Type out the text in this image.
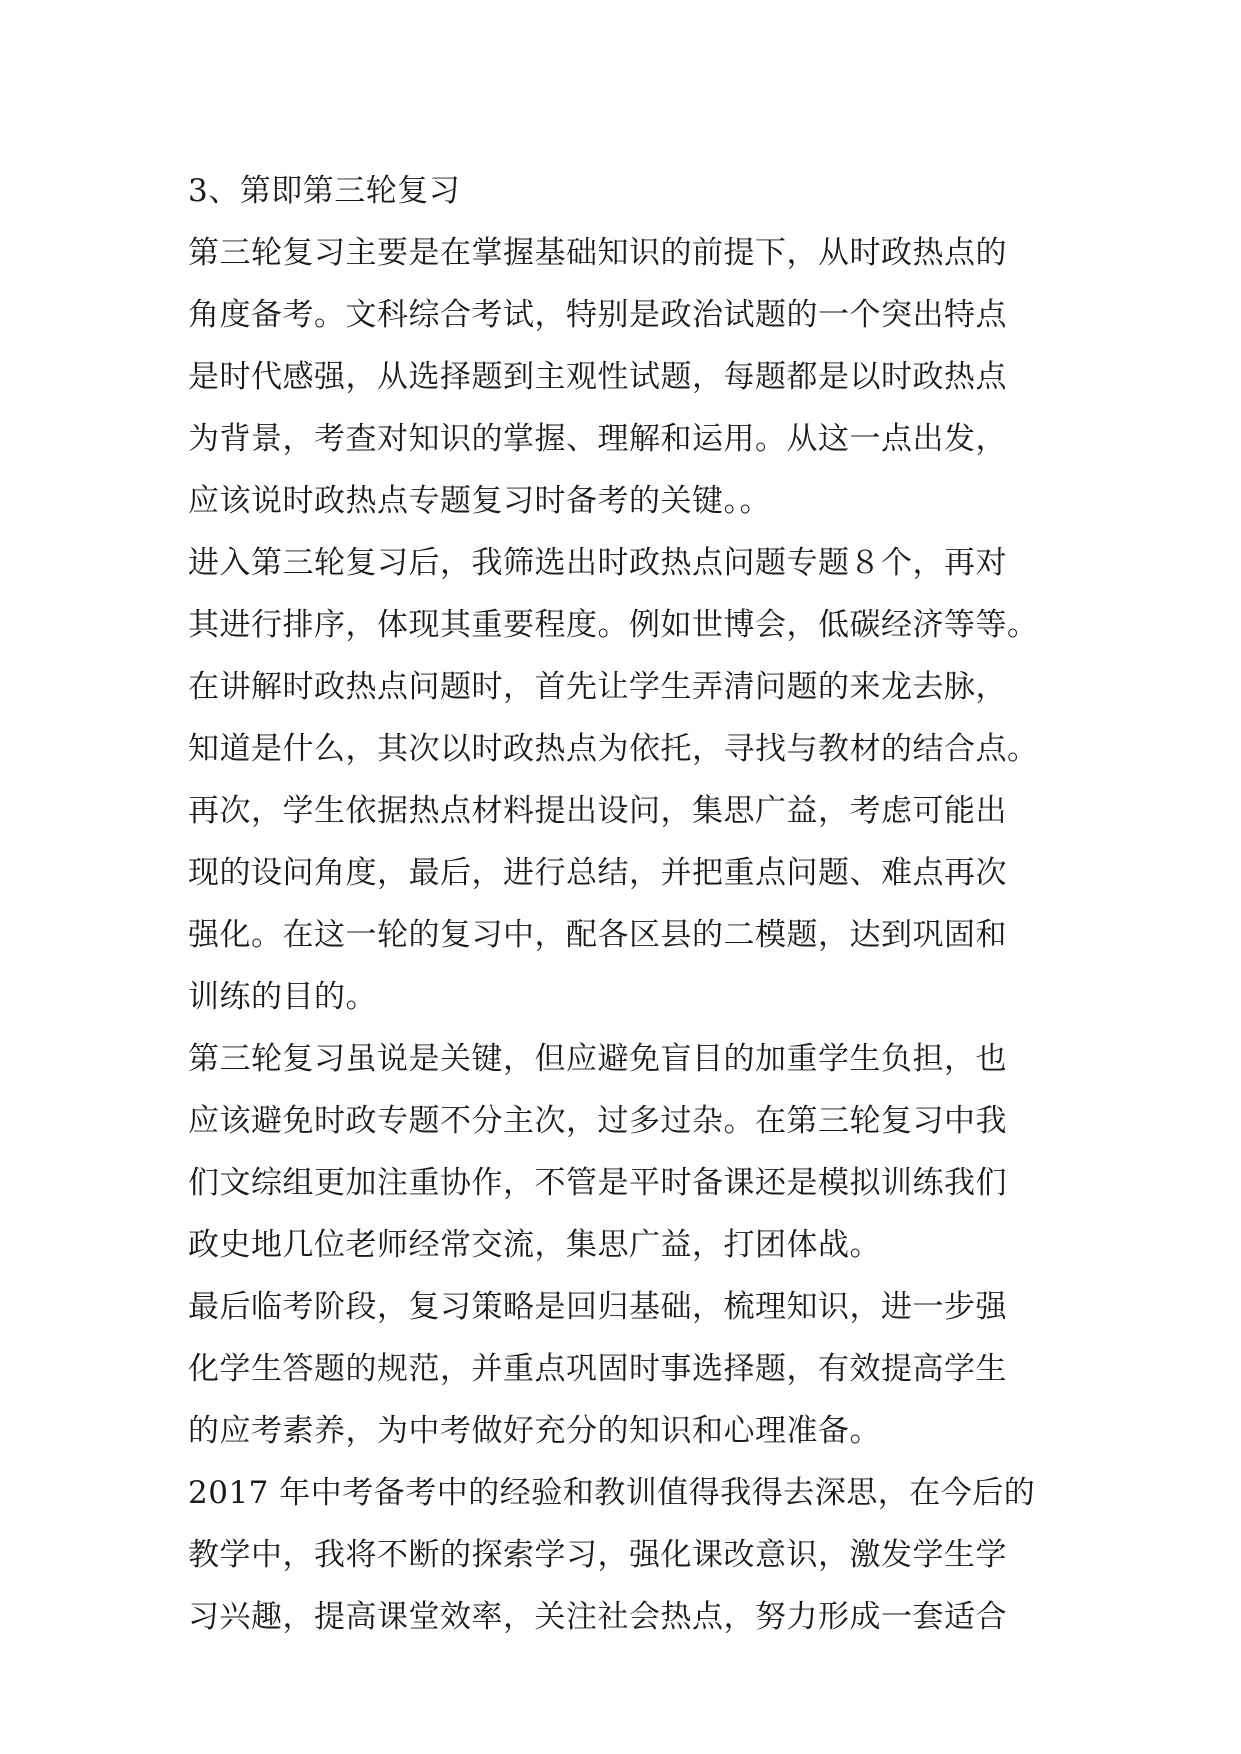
3、第即第三轮复习
第三轮复习主要是在掌握基础知识的前提下，从时政热点的
角度备考。文科综合考试，特别是政治试题的一个突出特点
是时代感强，从选择题到主观性试题，每题都是以时政热点
为背景，考查对知识的掌握、理解和运用。从这一点出发，
应该说时政热点专题复习时备考的关键。。
进入第三轮复习后，我筛选出时政热点问题专题８个，再对
其进行排序，体现其重要程度。例如世博会，低碳经济等等。
在讲解时政热点问题时，首先让学生弄清问题的来龙去脉，
知道是什么，其次以时政热点为依托，寻找与教材的结合点。
再次，学生依据热点材料提出设问，集思广益，考虑可能出
现的设问角度，最后，进行总结，并把重点问题、难点再次
强化。在这一轮的复习中，配各区县的二模题，达到巩固和
训练的目的。
第三轮复习虽说是关键，但应避免盲目的加重学生负担，也
应该避免时政专题不分主次，过多过杂。在第三轮复习中我
们文综组更加注重协作，不管是平时备课还是模拟训练我们
政史地几位老师经常交流，集思广益，打团体战。
最后临考阶段，复习策略是回归基础，梳理知识，进一步强
化学生答题的规范，并重点巩固时事选择题，有效提高学生
的应考素养，为中考做好充分的知识和心理准备。
2017 年中考备考中的经验和教训值得我得去深思，在今后的
教学中，我将不断的探索学习，强化课改意识，激发学生学
习兴趣，提高课堂效率，关注社会热点，努力形成一套适合
